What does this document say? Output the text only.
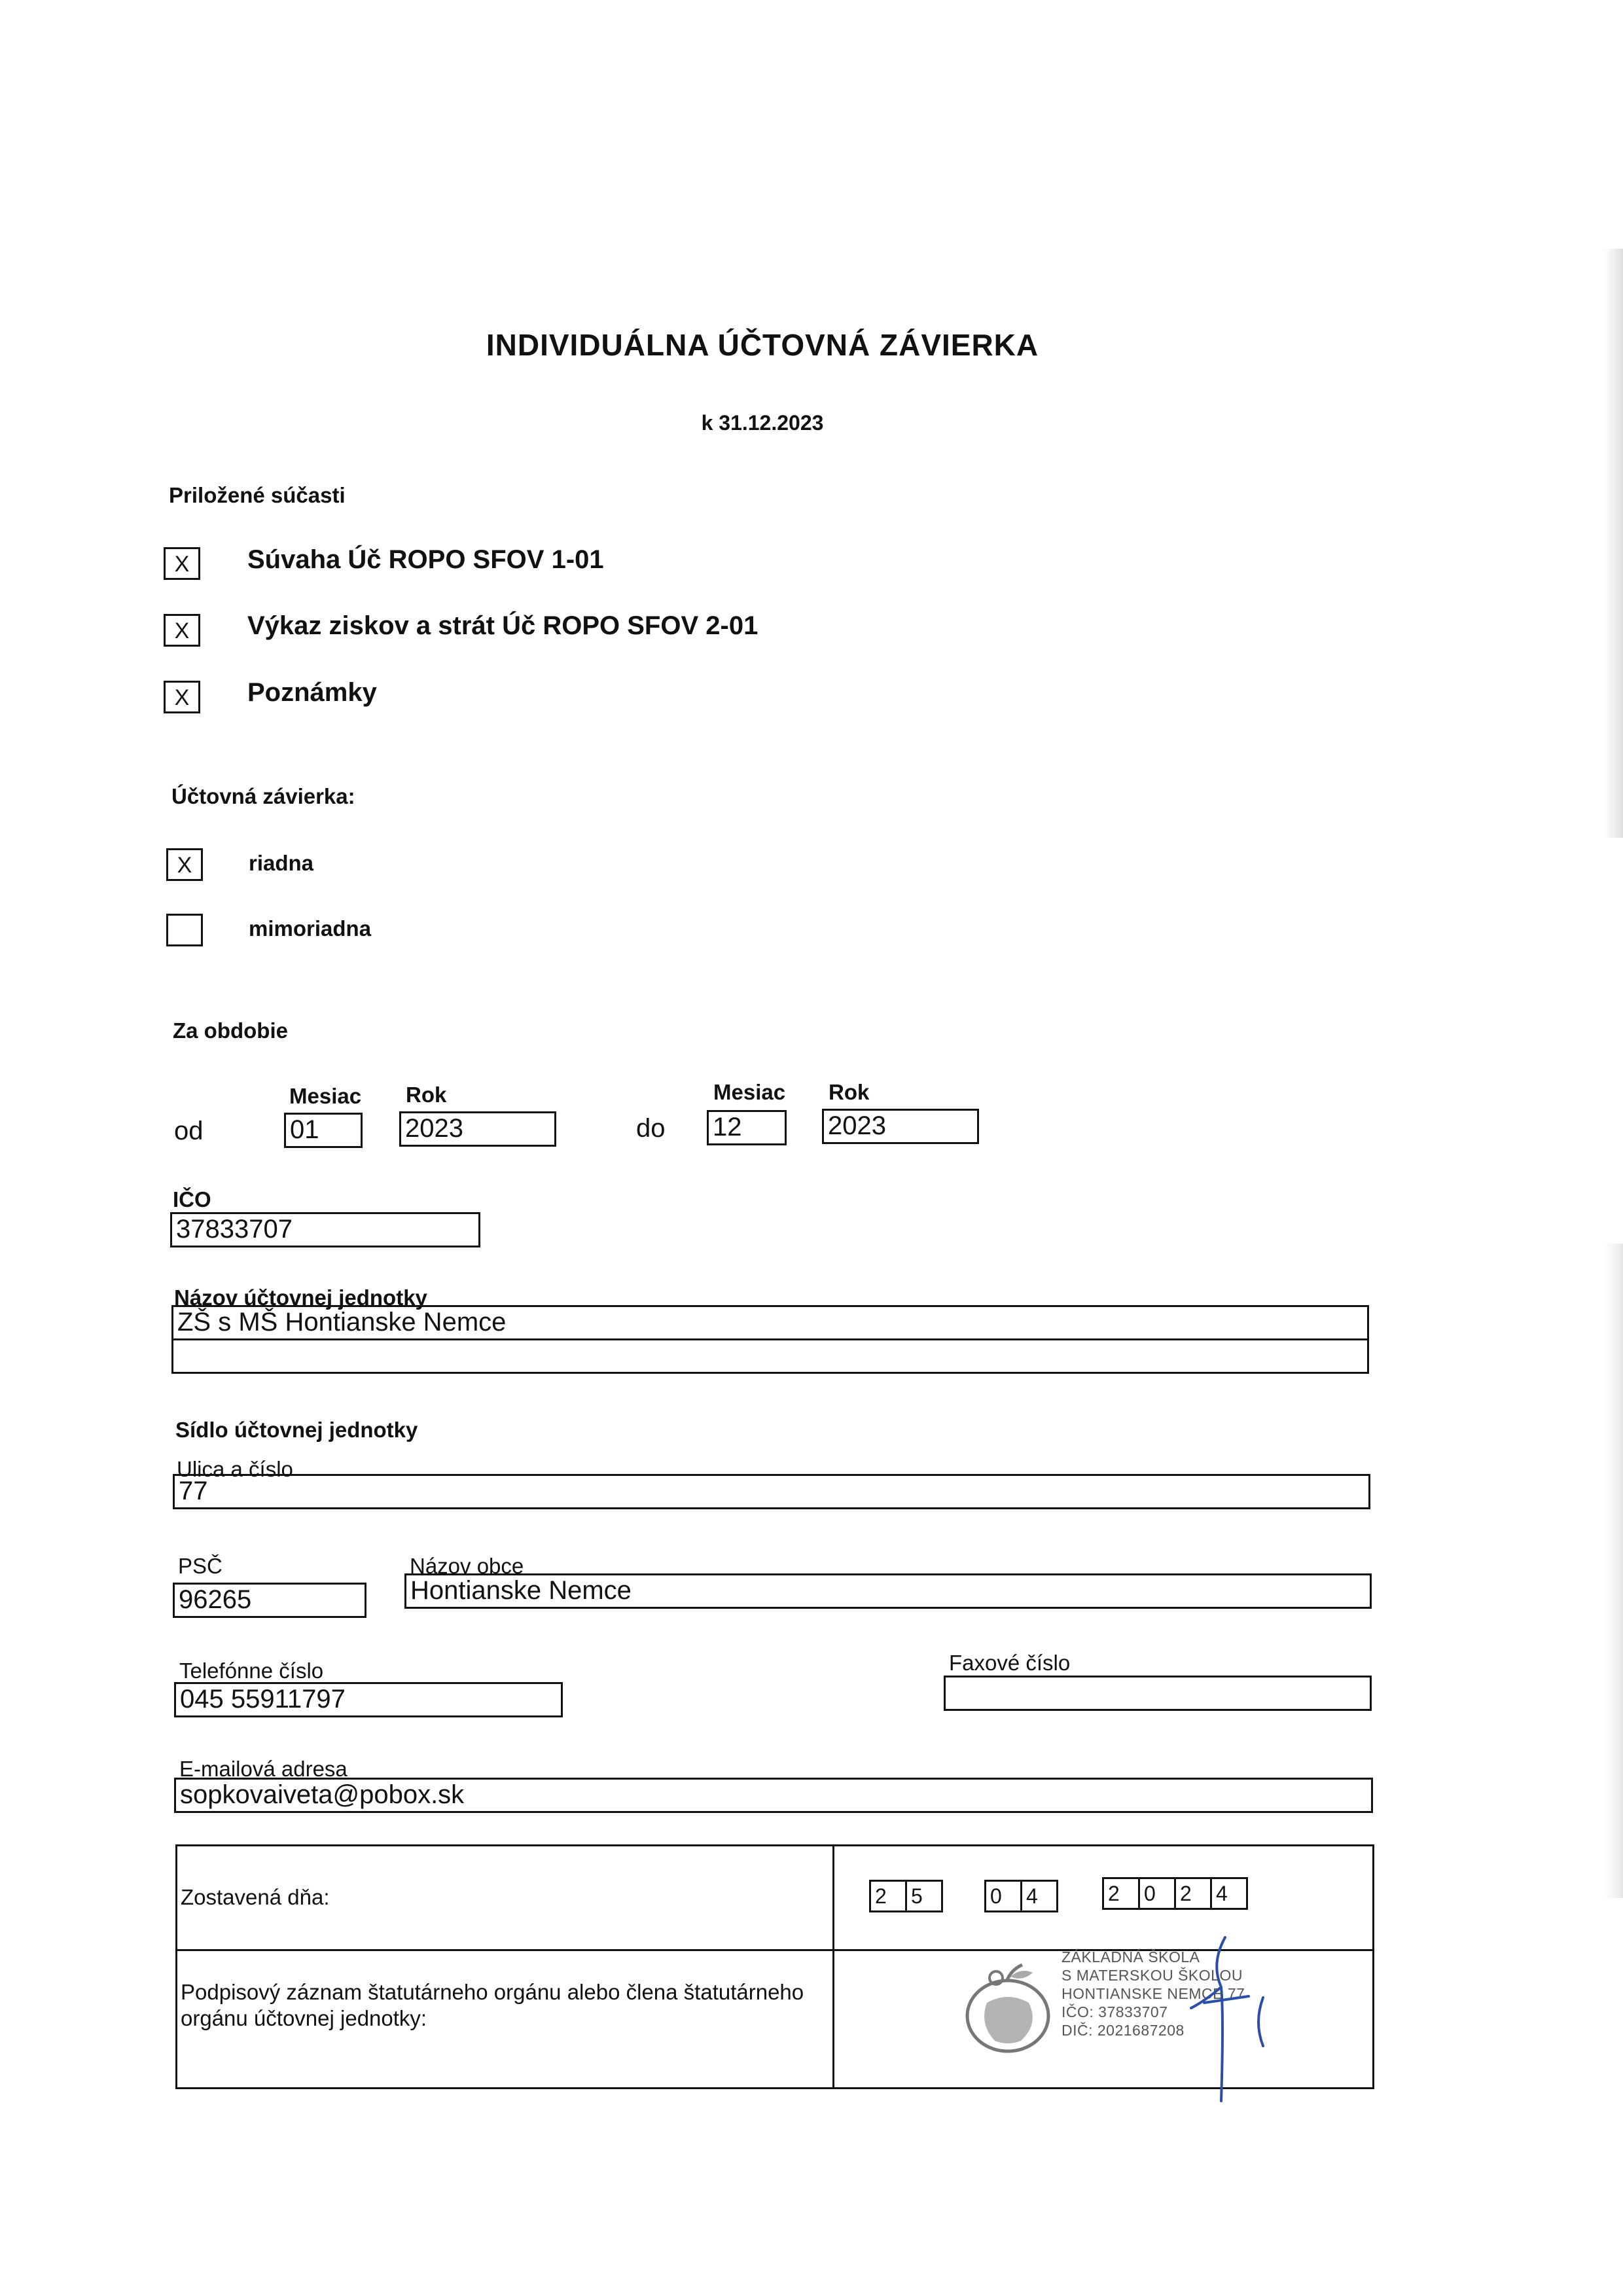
INDIVIDUÁLNA ÚČTOVNÁ ZÁVIERKA
k 31.12.2023
Priložené súčasti
X	Súvaha Úč ROPO SFOV 1-01
X	Výkaz ziskov a strát Úč ROPO SFOV 2-01
X	Poznámky
Účtovná závierka:
X	riadna
mimoriadna
Za obdobie
Mesiac Rok	Mesiac Rok
od	01	2023	do 12	2023
IČO
37833707
Názov účtovnej jednotky
ZŠ s MŠ Hontianske Nemce
Sídlo účtovnej jednotky
Ulica a číslo
77
PSČ
96265
Názov obce
Hontianske Nemce
Telefónne číslo
045 55911797
Faxové číslo
E-mailová adresa
sopkovaiveta@pobox.sk
Zostavená dňa:	2	5	0	4	2	0	2	4
Podpisový záznam štatutárneho orgánu alebo člena štatutárneho
orgánu účtovnej jednotky:
ZÁKLADNÁ ŠKOLA
S MATERSKOU ŠKOLOU
HONTIANSKE NEMCE 77
IČO: 37833707
DIČ: 2021687208
